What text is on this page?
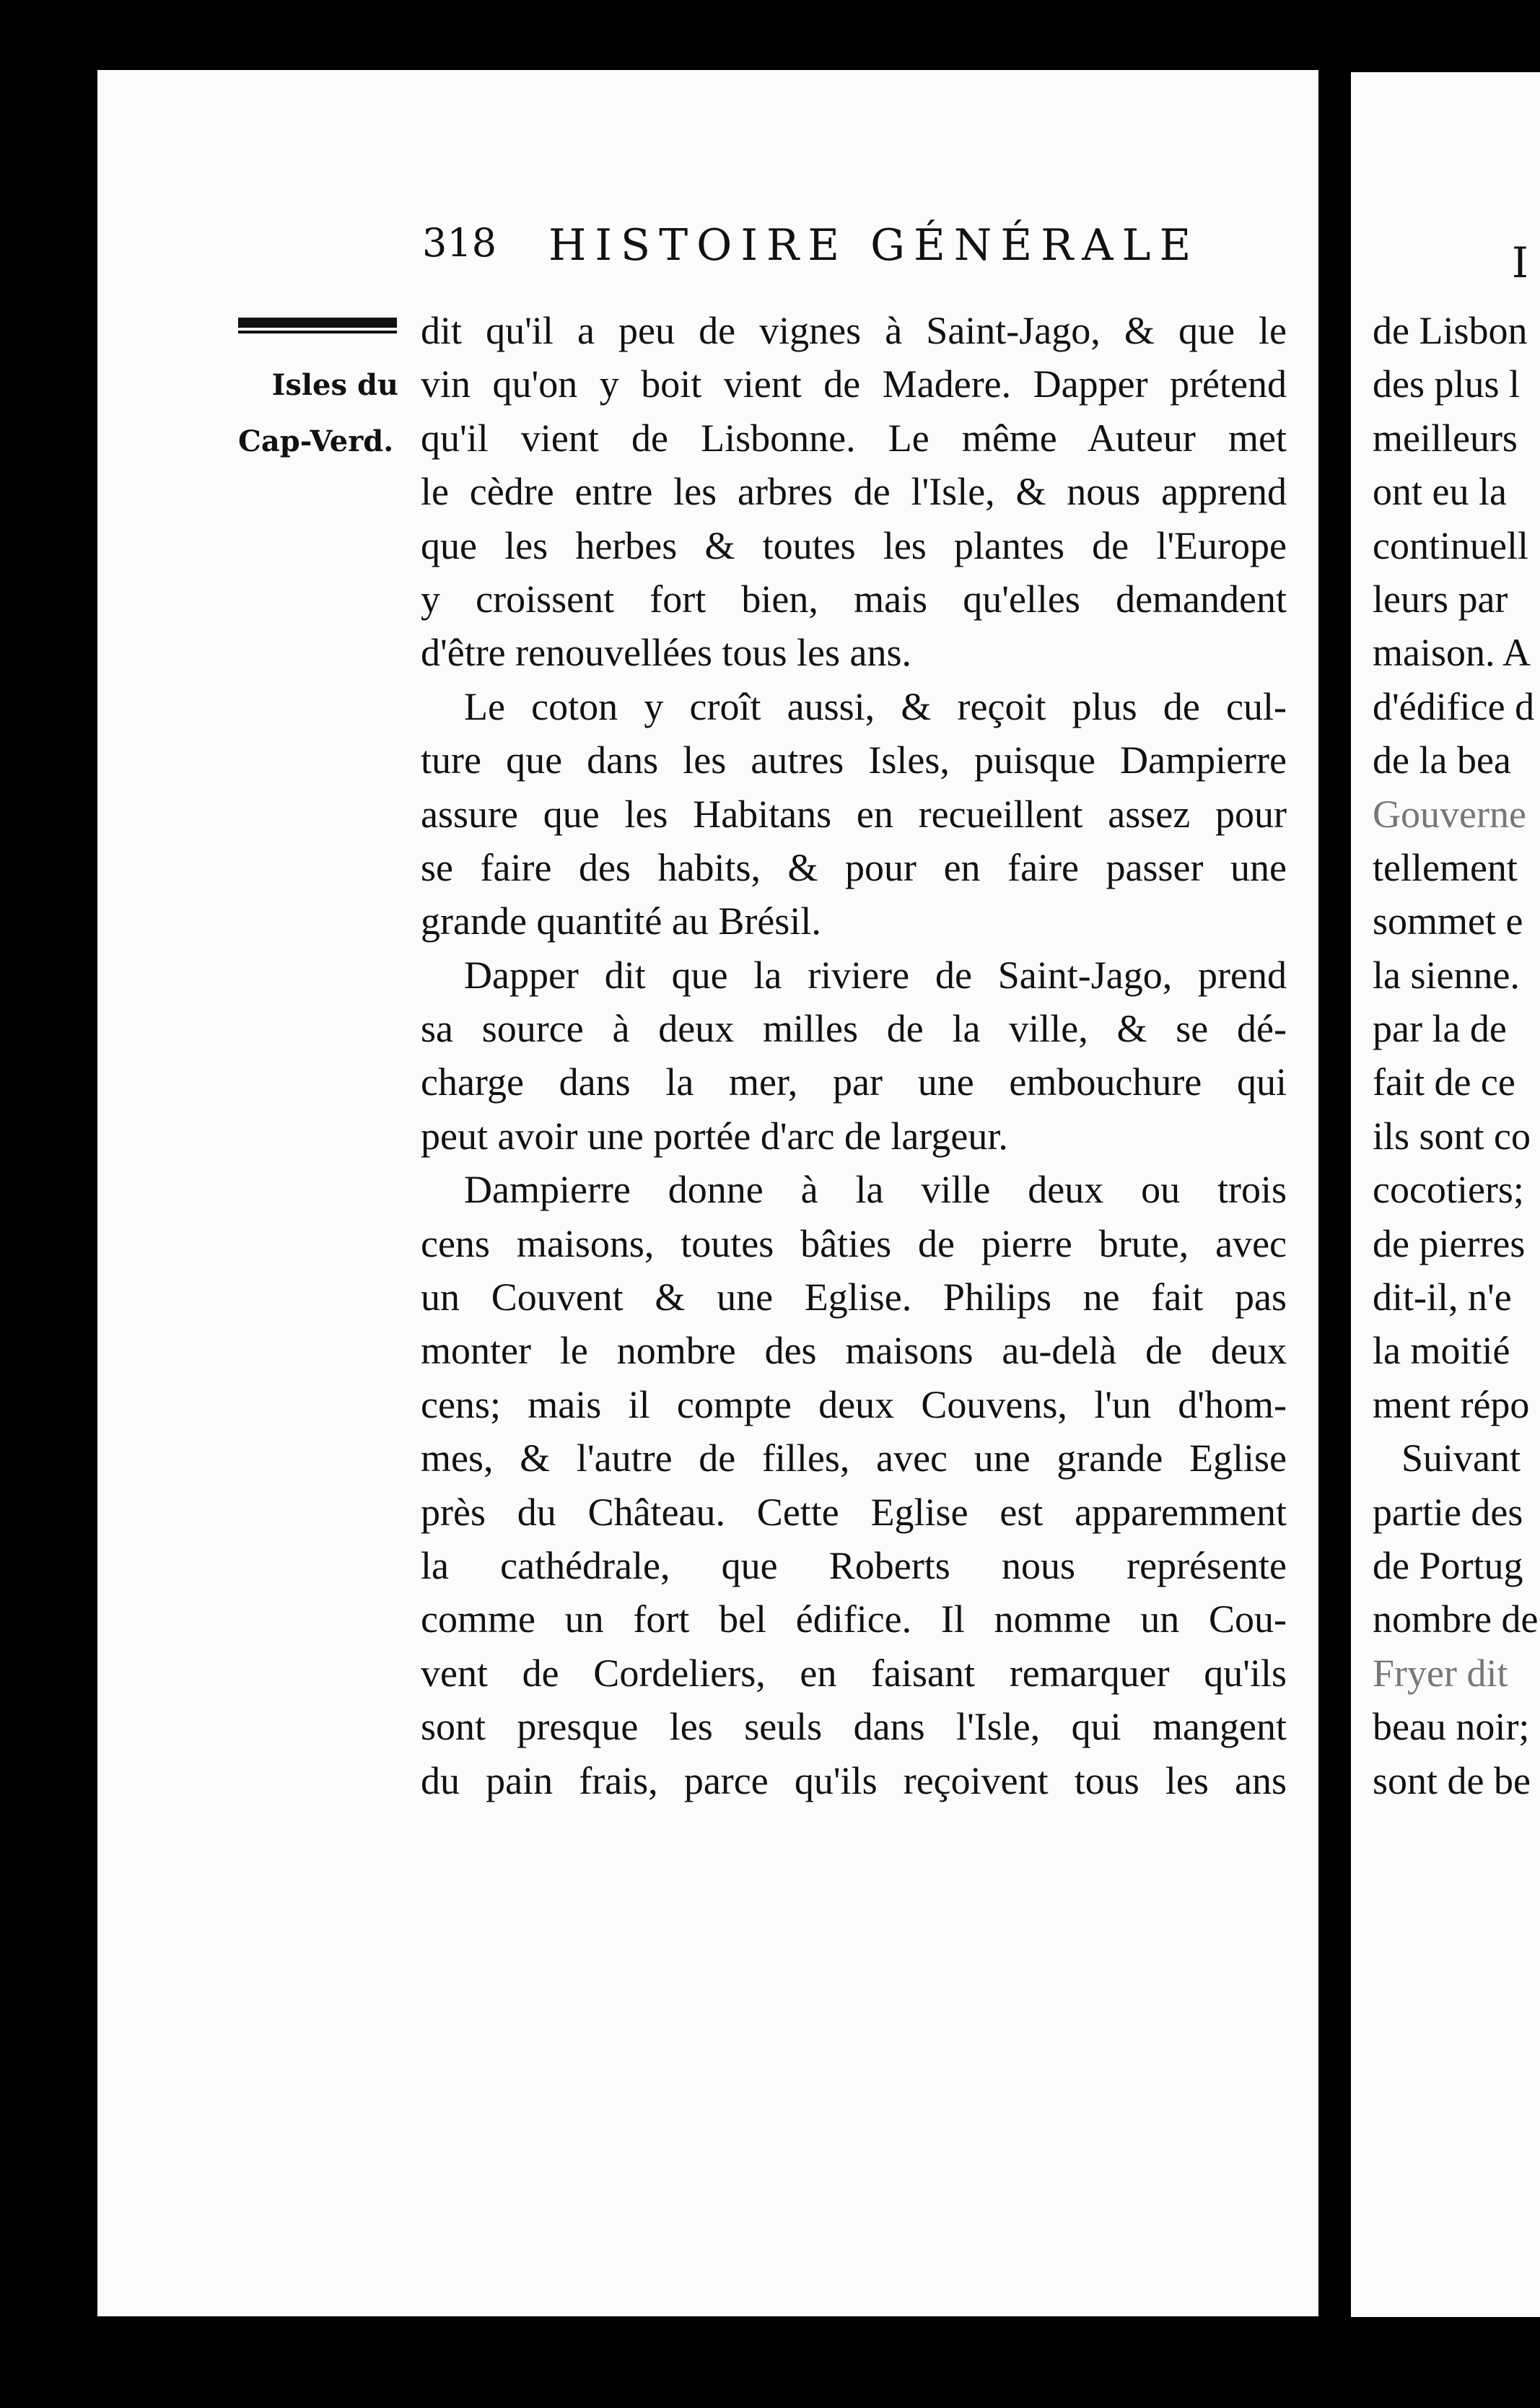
318 HISTOIRE GÉNÉRALE
Isles du
Cap-Verd.
dit qu'il a peu de vignes à Saint-Jago, & que le
vin qu'on y boit vient de Madere. Dapper prétend
qu'il vient de Lisbonne. Le même Auteur met
le cèdre entre les arbres de l'Isle, & nous apprend
que les herbes & toutes les plantes de l'Europe
y croissent fort bien, mais qu'elles demandent
d'être renouvellées tous les ans.
Le coton y croît aussi, & reçoit plus de cul-
ture que dans les autres Isles, puisque Dampierre
assure que les Habitans en recueillent assez pour
se faire des habits, & pour en faire passer une
grande quantité au Brésil.
Dapper dit que la riviere de Saint-Jago, prend
sa source à deux milles de la ville, & se dé-
charge dans la mer, par une embouchure qui
peut avoir une portée d'arc de largeur.
Dampierre donne à la ville deux ou trois
cens maisons, toutes bâties de pierre brute, avec
un Couvent & une Eglise. Philips ne fait pas
monter le nombre des maisons au-delà de deux
cens; mais il compte deux Couvens, l'un d'hom-
mes, & l'autre de filles, avec une grande Eglise
près du Château. Cette Eglise est apparemment
la cathédrale, que Roberts nous représente
comme un fort bel édifice. Il nomme un Cou-
vent de Cordeliers, en faisant remarquer qu'ils
sont presque les seuls dans l'Isle, qui mangent
du pain frais, parce qu'ils reçoivent tous les ans
I
de Lisbon
des plus l
meilleurs
ont eu la
continuell
leurs par
maison. A
d'édifice d
de la bea
Gouverne
tellement
sommet e
la sienne.
par la de
fait de ce
ils sont co
cocotiers;
de pierres
dit-il, n'e
la moitié
ment répo
Suivant
partie des
de Portug
nombre de
Fryer dit
beau noir;
sont de be
